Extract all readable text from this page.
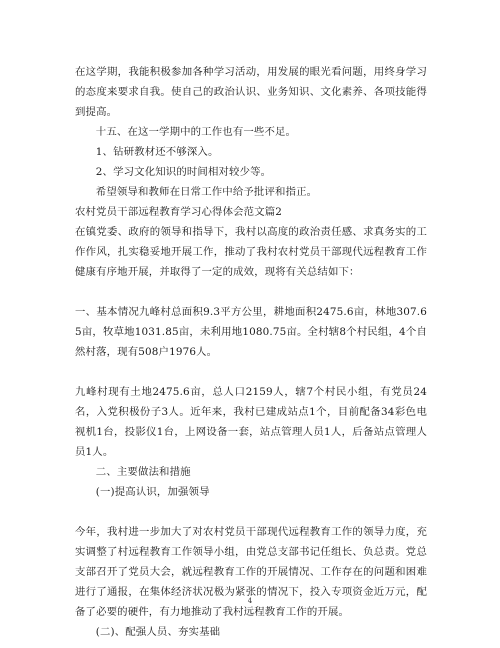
在这学期，我能积极参加各种学习活动，用发展的眼光看问题，用终身学习的态度来要求自我。使自己的政治认识、业务知识、文化素养、各项技能得到提高。

十五、在这一学期中的工作也有一些不足。

1、钻研教材还不够深入。

2、学习文化知识的时间相对较少等。

希望领导和教师在日常工作中给予批评和指正。

农村党员干部远程教育学习心得体会范文篇2

在镇党委、政府的领导和指导下，我村以高度的政治责任感、求真务实的工作作风，扎实稳妥地开展工作，推动了我村农村党员干部现代远程教育工作健康有序地开展，并取得了一定的成效，现将有关总结如下：

一、基本情况九峰村总面积9.3平方公里，耕地面积2475.6亩，林地307.65亩，牧草地1031.85亩，未利用地1080.75亩。全村辖8个村民组，4个自然村落，现有508户1976人。

九峰村现有土地2475.6亩，总人口2159人，辖7个村民小组，有党员24名，入党积极份子3人。近年来，我村已建成站点1个，目前配备34彩色电视机1台，投影仪1台，上网设备一套，站点管理人员1人，后备站点管理人员1人。

二、主要做法和措施

(一)提高认识，加强领导

今年，我村进一步加大了对农村党员干部现代远程教育工作的领导力度，充实调整了村远程教育工作领导小组，由党总支部书记任组长、负总责。党总支部召开了党员大会，就远程教育工作的开展情况、工作存在的问题和困难进行了通报，在集体经济状况极为紧张的情况下，投入专项资金近万元，配备了必要的硬件，有力地推动了我村远程教育工作的开展。

(二)、配强人员、夯实基础

4
